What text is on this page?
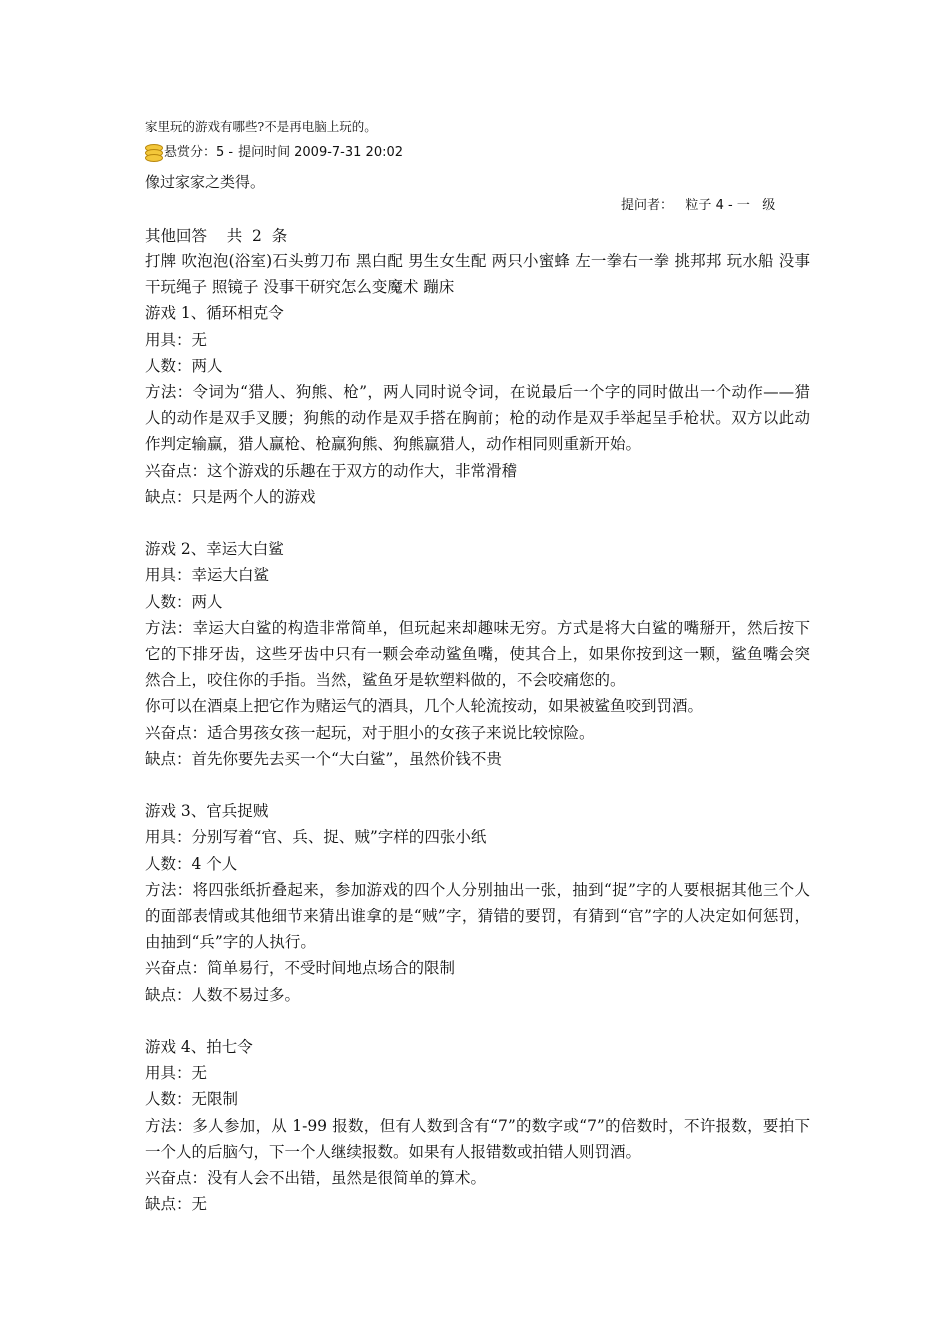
家里玩的游戏有哪些?不是再电脑上玩的。

悬赏分： 5 - 提问时间 2009-7-31 20:02
像过家家之类得。
提问者： 粒子 4 - 一   级
其他回答    共  2  条

打牌 吹泡泡(浴室)石头剪刀布 黑白配 男生女生配 两只小蜜蜂 左一拳右一拳 挑邦邦 玩水船 没事干玩绳子 照镜子 没事干研究怎么变魔术 蹦床

游戏 1、循环相克令

用具：无

人数：两人

方法：令词为“猎人、狗熊、枪”，两人同时说令词，在说最后一个字的同时做出一个动作——猎人的动作是双手叉腰；狗熊的动作是双手搭在胸前；枪的动作是双手举起呈手枪状。双方以此动作判定输赢，猎人赢枪、枪赢狗熊、狗熊赢猎人，动作相同则重新开始。

兴奋点：这个游戏的乐趣在于双方的动作大，非常滑稽

缺点：只是两个人的游戏

游戏 2、幸运大白鲨

用具：幸运大白鲨

人数：两人

方法：幸运大白鲨的构造非常简单，但玩起来却趣味无穷。方式是将大白鲨的嘴掰开，然后按下它的下排牙齿，这些牙齿中只有一颗会牵动鲨鱼嘴，使其合上，如果你按到这一颗，鲨鱼嘴会突然合上，咬住你的手指。当然，鲨鱼牙是软塑料做的，不会咬痛您的。

你可以在酒桌上把它作为赌运气的酒具，几个人轮流按动，如果被鲨鱼咬到罚酒。

兴奋点：适合男孩女孩一起玩，对于胆小的女孩子来说比较惊险。

缺点：首先你要先去买一个“大白鲨”，虽然价钱不贵

游戏 3、官兵捉贼

用具：分别写着“官、兵、捉、贼”字样的四张小纸

人数：4 个人

方法：将四张纸折叠起来，参加游戏的四个人分别抽出一张，抽到“捉”字的人要根据其他三个人的面部表情或其他细节来猜出谁拿的是“贼”字，猜错的要罚，有猜到“官”字的人决定如何惩罚，由抽到“兵”字的人执行。

兴奋点：简单易行，不受时间地点场合的限制

缺点：人数不易过多。

游戏 4、拍七令

用具：无

人数：无限制

方法：多人参加，从 1-99 报数，但有人数到含有“7”的数字或“7”的倍数时，不许报数，要拍下一个人的后脑勺，下一个人继续报数。如果有人报错数或拍错人则罚酒。

兴奋点：没有人会不出错，虽然是很简单的算术。

缺点：无
